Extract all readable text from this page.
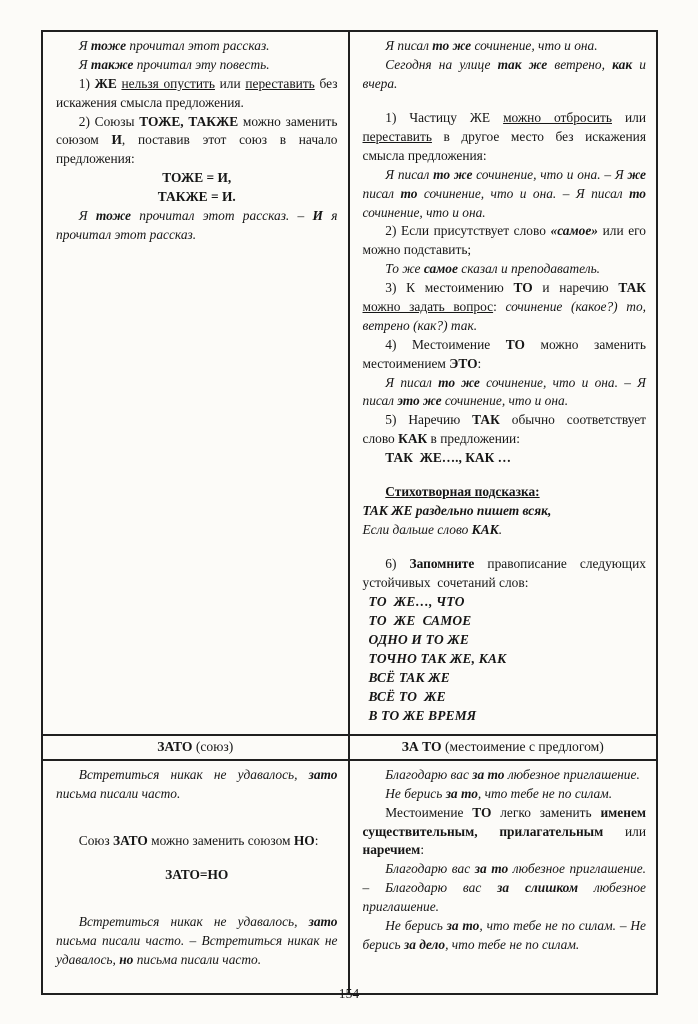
Я тоже прочитал этот рассказ.

Я также прочитал эту повесть.

1) ЖЕ нельзя опустить или переставить без искажения смысла предложения.

2) Союзы ТОЖЕ, ТАКЖЕ можно заменить союзом И, поставив этот союз в начало предложения:

ТОЖЕ = И,

ТАКЖЕ = И.

Я тоже прочитал этот рассказ. – И я прочитал этот рассказ.

Я писал то же сочинение, что и она.

Сегодня на улице так же ветрено, как и вчера.

1) Частицу ЖЕ можно отбросить или переставить в другое место без искажения смысла предложения:

Я писал то же сочинение, что и она. – Я же писал то сочинение, что и она. – Я писал то сочинение, что и она.

2) Если присутствует слово «самое» или его можно подставить;

То же самое сказал и преподаватель.

3) К местоимению ТО и наречию ТАК можно задать вопрос: сочинение (какое?) то, ветрено (как?) так.

4) Местоимение ТО можно заменить местоимением ЭТО:

Я писал то же сочинение, что и она. – Я писал это же сочинение, что и она.

5) Наречию ТАК обычно соответствует слово КАК в предложении:

ТАК  ЖЕ…., КАК …

Стихотворная подсказка:

ТАК ЖЕ раздельно пишет всяк,

Если дальше слово КАК.

6) Запомните правописание следующих устойчивых  сочетаний слов:

ТО  ЖЕ…, ЧТО

ТО  ЖЕ  САМОЕ

ОДНО И ТО ЖЕ

ТОЧНО ТАК ЖЕ, КАК

ВСЁ ТАК ЖЕ

ВСЁ ТО  ЖЕ

В ТО ЖЕ ВРЕМЯ

ЗАТО (союз)	ЗА ТО (местоимение с предлогом)

Встретиться никак не удавалось, зато письма писали часто.

Союз ЗАТО можно заменить союзом НО:

ЗАТО=НО

Встретиться никак не удавалось, зато письма писали часто. – Встретиться никак не удавалось, но письма писали часто.

Благодарю вас за то любезное приглашение.

Не берись за то, что тебе не по силам.

Местоимение ТО легко заменить именем существительным, прилагательным или наречием:

Благодарю вас за то любезное приглашение. – Благодарю вас за слишком любезное приглашение.

Не берись за то, что тебе не по силам. – Не берись за дело, что тебе не по силам.

154
